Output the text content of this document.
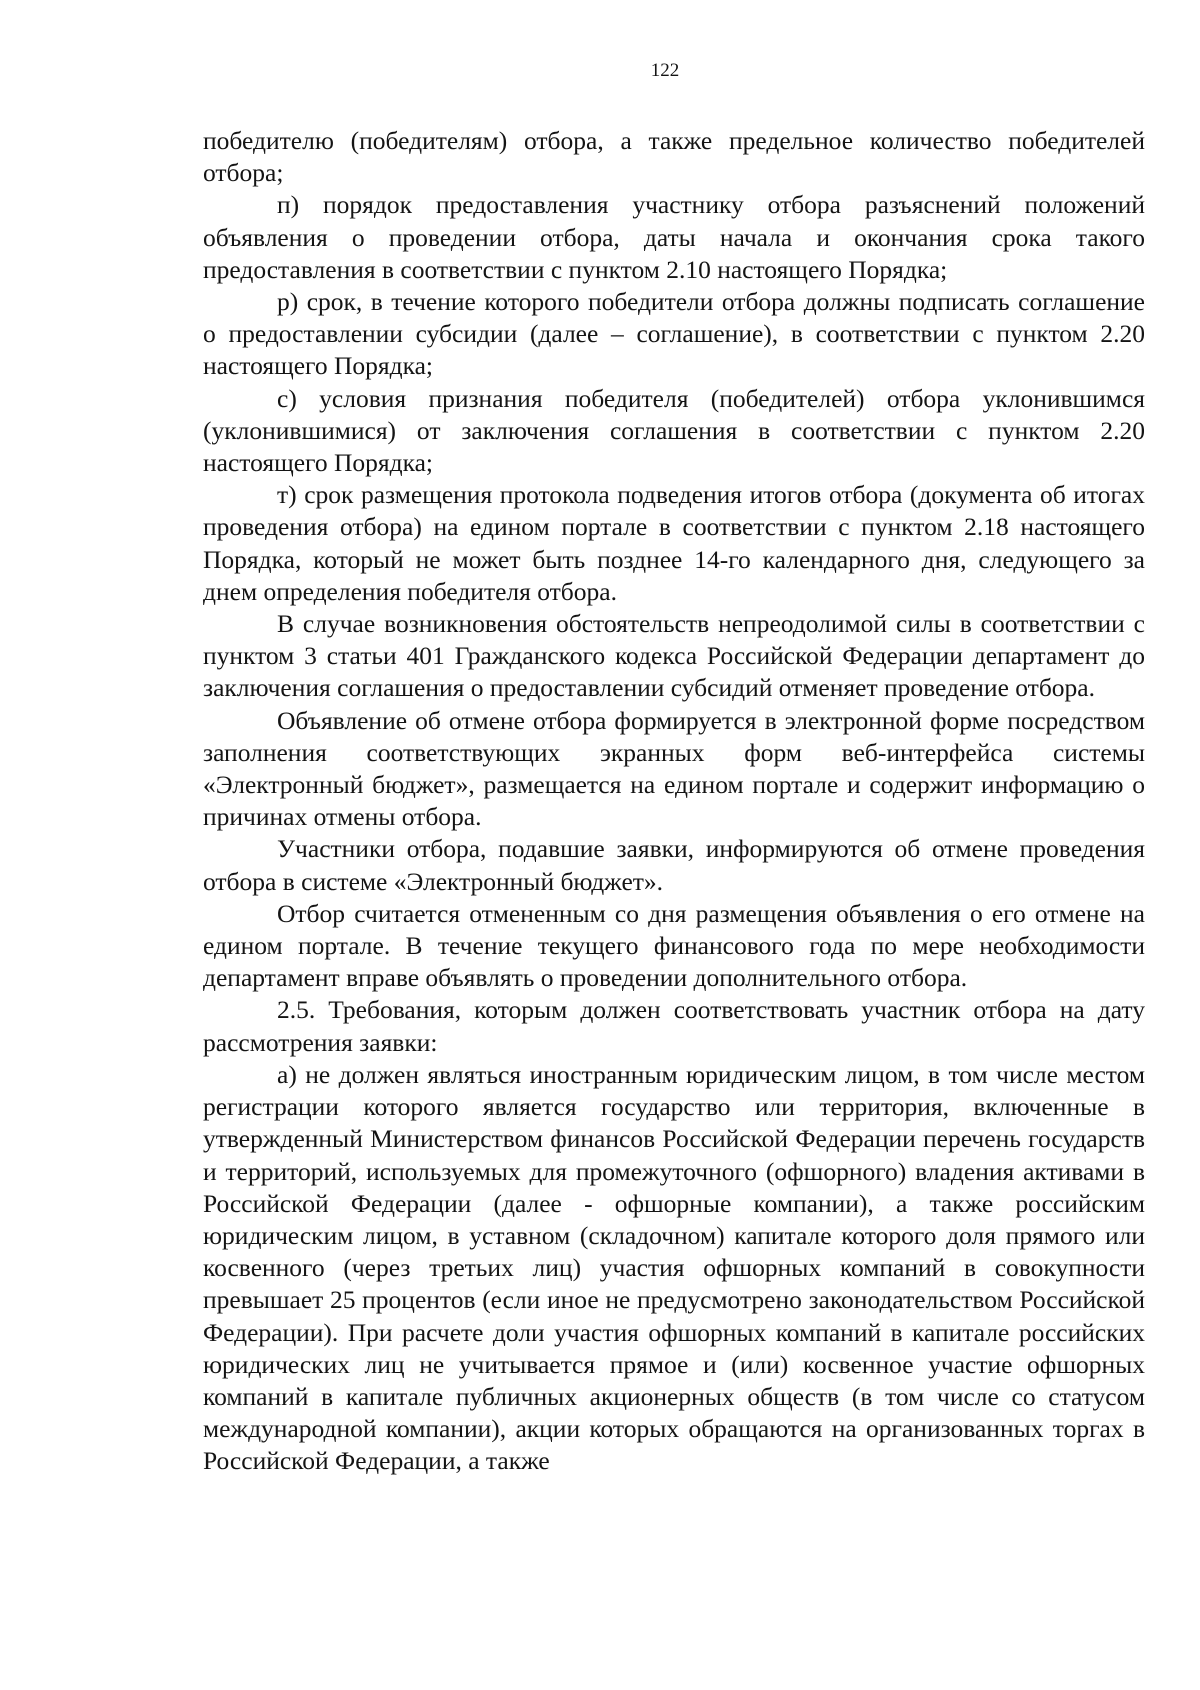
122

победителю (победителям) отбора, а также предельное количество победителей отбора;

п) порядок предоставления участнику отбора разъяснений положений объявления о проведении отбора, даты начала и окончания срока такого предоставления в соответствии с пунктом 2.10 настоящего Порядка;

р) срок, в течение которого победители отбора должны подписать соглашение о предоставлении субсидии (далее – соглашение), в соответствии с пунктом 2.20 настоящего Порядка;

с) условия признания победителя (победителей) отбора уклонившимся (уклонившимися) от заключения соглашения в соответствии с пунктом 2.20 настоящего Порядка;

т) срок размещения протокола подведения итогов отбора (документа об итогах проведения отбора) на едином портале в соответствии с пунктом 2.18 настоящего Порядка, который не может быть позднее 14-го календарного дня, следующего за днем определения победителя отбора.

В случае возникновения обстоятельств непреодолимой силы в соответствии с пунктом 3 статьи 401 Гражданского кодекса Российской Федерации департамент до заключения соглашения о предоставлении субсидий отменяет проведение отбора.

Объявление об отмене отбора формируется в электронной форме посредством заполнения соответствующих экранных форм веб-интерфейса системы «Электронный бюджет», размещается на едином портале и содержит информацию о причинах отмены отбора.

Участники отбора, подавшие заявки, информируются об отмене проведения отбора в системе «Электронный бюджет».

Отбор считается отмененным со дня размещения объявления о его отмене на едином портале. В течение текущего финансового года по мере необходимости департамент вправе объявлять о проведении дополнительного отбора.

2.5. Требования, которым должен соответствовать участник отбора на дату рассмотрения заявки:

а) не должен являться иностранным юридическим лицом, в том числе местом регистрации которого является государство или территория, включенные в утвержденный Министерством финансов Российской Федерации перечень государств и территорий, используемых для промежуточного (офшорного) владения активами в Российской Федерации (далее - офшорные компании), а также российским юридическим лицом, в уставном (складочном) капитале которого доля прямого или косвенного (через третьих лиц) участия офшорных компаний в совокупности превышает 25 процентов (если иное не предусмотрено законодательством Российской Федерации). При расчете доли участия офшорных компаний в капитале российских юридических лиц не учитывается прямое и (или) косвенное участие офшорных компаний в капитале публичных акционерных обществ (в том числе со статусом международной компании), акции которых обращаются на организованных торгах в Российской Федерации, а также
